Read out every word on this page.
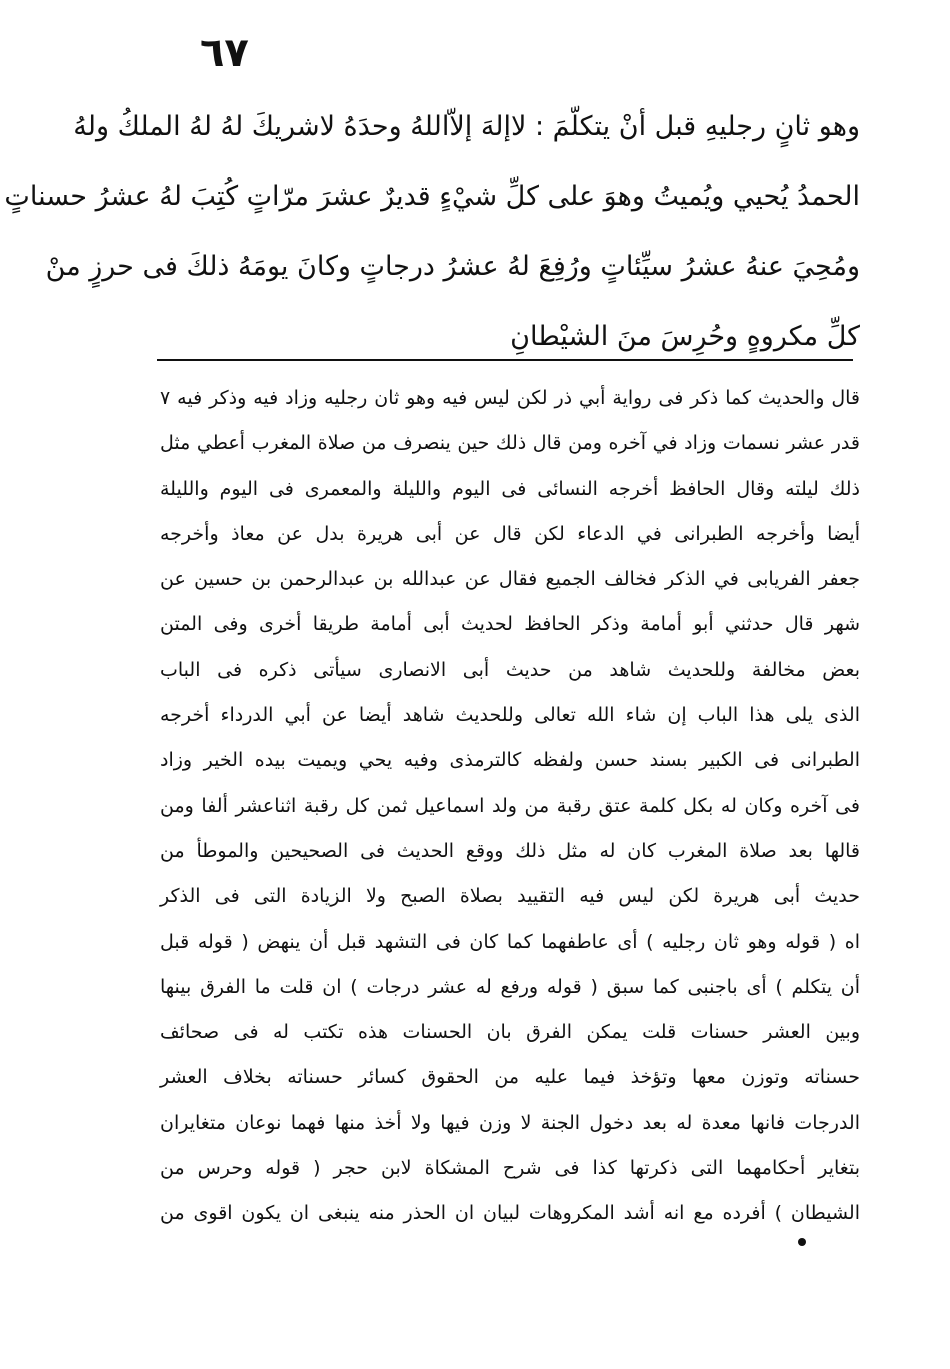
٦٧
وهو ثانٍ رجليهِ قبل أنْ يتكلّمَ : لاإلهَ إلاّاللهُ وحدَهُ لاشريكَ لهُ لهُ الملكُ ولهُ
الحمدُ يُحيي ويُميتُ وهوَ على كلِّ شيْءٍ قديرٌ عشرَ مرّاتٍ كُتِبَ لهُ عشرُ حسناتٍ
ومُحِيَ عنهُ عشرُ سيِّئاتٍ ورُفِعَ لهُ عشرُ درجاتٍ وكانَ يومَهُ ذلكَ فى حرزٍ منْ
كلِّ مكروهٍ وحُرِسَ منَ الشيْطانِ
قال والحديث كما ذكر فى رواية أبي ذر لكن ليس فيه وهو ثان رجليه وزاد فيه وذكر فيه ٧
قدر عشر نسمات وزاد في آخره ومن قال ذلك حين ينصرف من صلاة المغرب أعطي مثل
ذلك ليلته وقال الحافظ أخرجه النسائى فى اليوم والليلة والمعمرى فى اليوم والليلة
أيضا وأخرجه الطبرانى في الدعاء لكن قال عن أبى هريرة بدل عن معاذ وأخرجه
جعفر الفريابى في الذكر فخالف الجميع فقال عن عبدالله بن عبدالرحمن بن حسين عن
شهر قال حدثني أبو أمامة وذكر الحافظ لحديث أبى أمامة طريقا أخرى وفى المتن
بعض مخالفة وللحديث شاهد من حديث أبى الانصارى سيأتى ذكره فى الباب
الذى يلى هذا الباب إن شاء الله تعالى وللحديث شاهد أيضا عن أبي الدرداء أخرجه
الطبرانى فى الكبير بسند حسن ولفظه كالترمذى وفيه يحي ويميت بيده الخير وزاد
فى آخره وكان له بكل كلمة عتق رقبة من ولد اسماعيل ثمن كل رقبة اثناعشر ألفا ومن
قالها بعد صلاة المغرب كان له مثل ذلك ووقع الحديث فى الصحيحين والموطأ من
حديث أبى هريرة لكن ليس فيه التقييد بصلاة الصبح ولا الزيادة التى فى الذكر
اه ( قوله وهو ثان رجليه ) أى عاطفهما كما كان فى التشهد قبل أن ينهض ( قوله قبل
أن يتكلم ) أى باجنبى كما سبق ( قوله ورفع له عشر درجات ) ان قلت ما الفرق بينها
وبين العشر حسنات قلت يمكن الفرق بان الحسنات هذه تكتب له فى صحائف
حسناته وتوزن معها وتؤخذ فيما عليه من الحقوق كسائر حسناته بخلاف العشر
الدرجات فانها معدة له بعد دخول الجنة لا وزن فيها ولا أخذ منها فهما نوعان متغايران
بتغاير أحكامهما التى ذكرتها كذا فى شرح المشكاة لابن حجر ( قوله وحرس من
الشيطان ) أفرده مع انه أشد المكروهات لبيان ان الحذر منه ينبغى ان يكون اقوى من
